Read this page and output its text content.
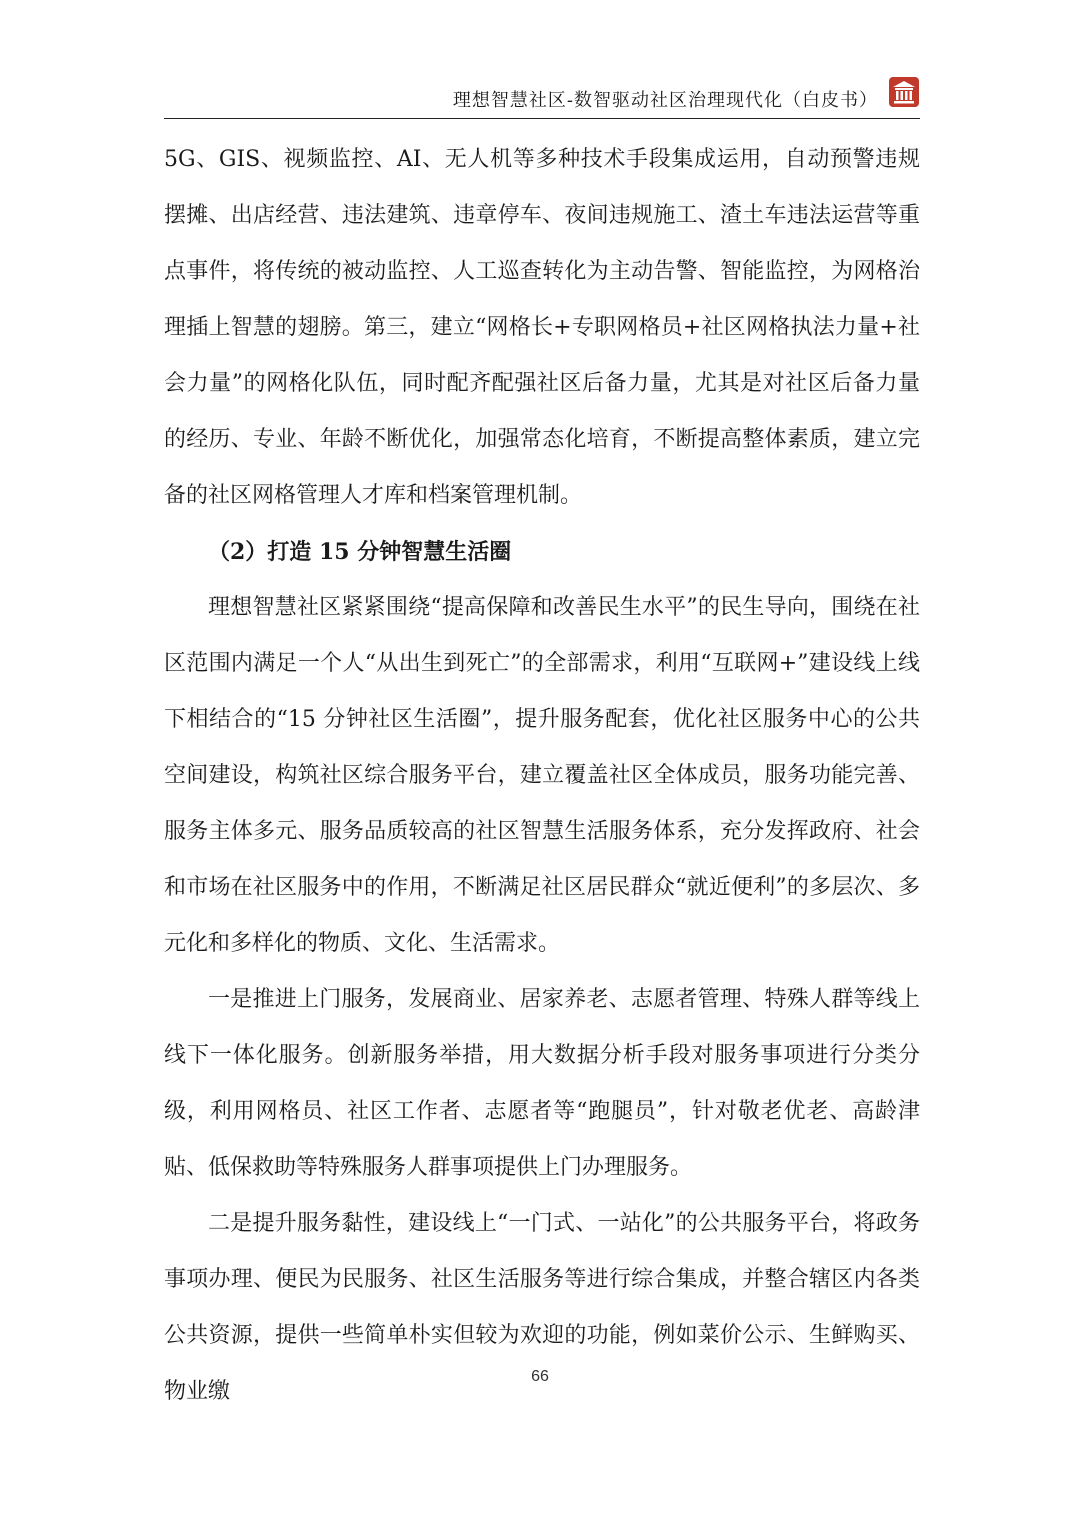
理想智慧社区-数智驱动社区治理现代化（白皮书）

5G、GIS、视频监控、AI、无人机等多种技术手段集成运用，自动预警违规摆摊、出店经营、违法建筑、违章停车、夜间违规施工、渣土车违法运营等重点事件，将传统的被动监控、人工巡查转化为主动告警、智能监控，为网格治理插上智慧的翅膀。第三，建立“网格长+专职网格员+社区网格执法力量+社会力量”的网格化队伍，同时配齐配强社区后备力量，尤其是对社区后备力量的经历、专业、年龄不断优化，加强常态化培育，不断提高整体素质，建立完备的社区网格管理人才库和档案管理机制。

（2）打造 15 分钟智慧生活圈

理想智慧社区紧紧围绕“提高保障和改善民生水平”的民生导向，围绕在社区范围内满足一个人“从出生到死亡”的全部需求，利用“互联网+”建设线上线下相结合的“15 分钟社区生活圈”，提升服务配套，优化社区服务中心的公共空间建设，构筑社区综合服务平台，建立覆盖社区全体成员，服务功能完善、服务主体多元、服务品质较高的社区智慧生活服务体系，充分发挥政府、社会和市场在社区服务中的作用，不断满足社区居民群众“就近便利”的多层次、多元化和多样化的物质、文化、生活需求。

一是推进上门服务，发展商业、居家养老、志愿者管理、特殊人群等线上线下一体化服务。创新服务举措，用大数据分析手段对服务事项进行分类分级，利用网格员、社区工作者、志愿者等“跑腿员”，针对敬老优老、高龄津贴、低保救助等特殊服务人群事项提供上门办理服务。

二是提升服务黏性，建设线上“一门式、一站化”的公共服务平台，将政务事项办理、便民为民服务、社区生活服务等进行综合集成，并整合辖区内各类公共资源，提供一些简单朴实但较为欢迎的功能，例如菜价公示、生鲜购买、物业缴

66
